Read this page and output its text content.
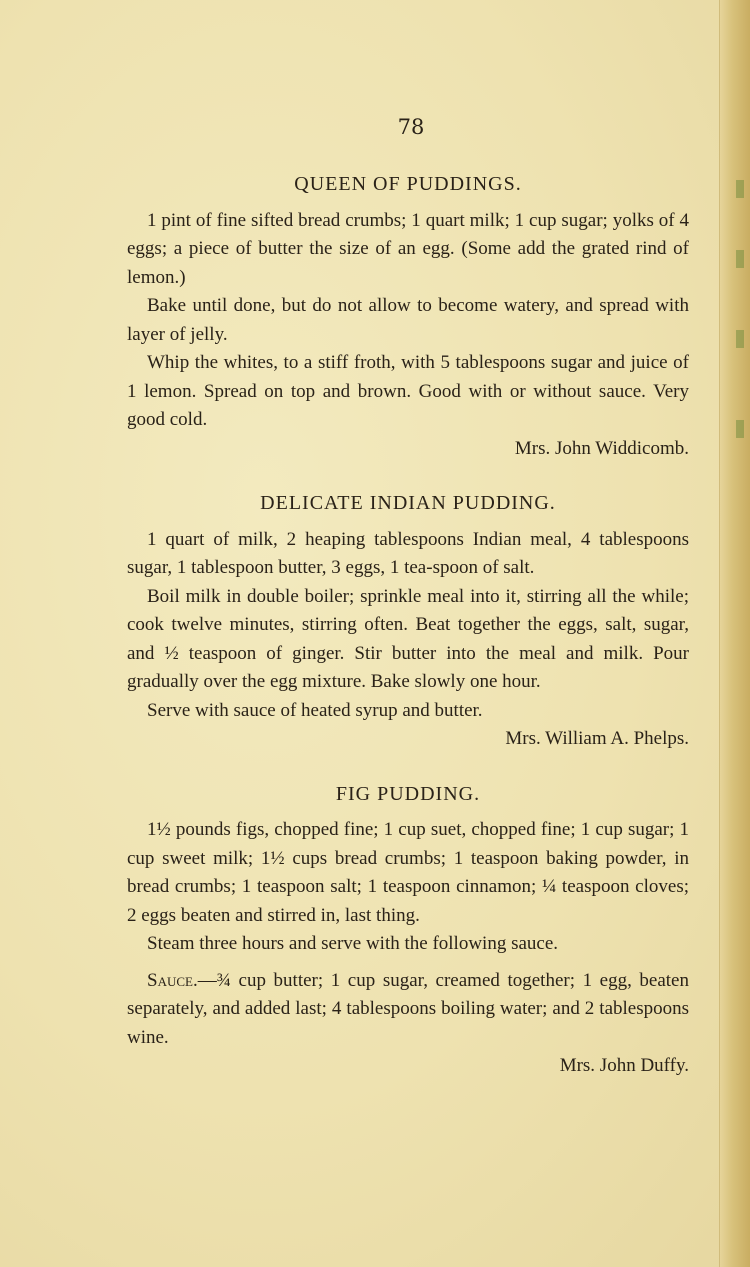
78
QUEEN OF PUDDINGS.

1 pint of fine sifted bread crumbs; 1 quart milk; 1 cup sugar; yolks of 4 eggs; a piece of butter the size of an egg. (Some add the grated rind of lemon.)

Bake until done, but do not allow to become watery, and spread with layer of jelly.

Whip the whites, to a stiff froth, with 5 tablespoons sugar and juice of 1 lemon. Spread on top and brown. Good with or without sauce. Very good cold.

Mrs. John Widdicomb.

DELICATE INDIAN PUDDING.

1 quart of milk, 2 heaping tablespoons Indian meal, 4 tablespoons sugar, 1 tablespoon butter, 3 eggs, 1 tea-spoon of salt.

Boil milk in double boiler; sprinkle meal into it, stirring all the while; cook twelve minutes, stirring often. Beat together the eggs, salt, sugar, and ½ teaspoon of ginger. Stir butter into the meal and milk. Pour gradually over the egg mixture. Bake slowly one hour.

Serve with sauce of heated syrup and butter.

Mrs. William A. Phelps.

FIG PUDDING.

1½ pounds figs, chopped fine; 1 cup suet, chopped fine; 1 cup sugar; 1 cup sweet milk; 1½ cups bread crumbs; 1 teaspoon baking powder, in bread crumbs; 1 teaspoon salt; 1 teaspoon cinnamon; ¼ teaspoon cloves; 2 eggs beaten and stirred in, last thing.

Steam three hours and serve with the following sauce.

Sauce.—¾ cup butter; 1 cup sugar, creamed together; 1 egg, beaten separately, and added last; 4 tablespoons boiling water; and 2 tablespoons wine.

Mrs. John Duffy.
